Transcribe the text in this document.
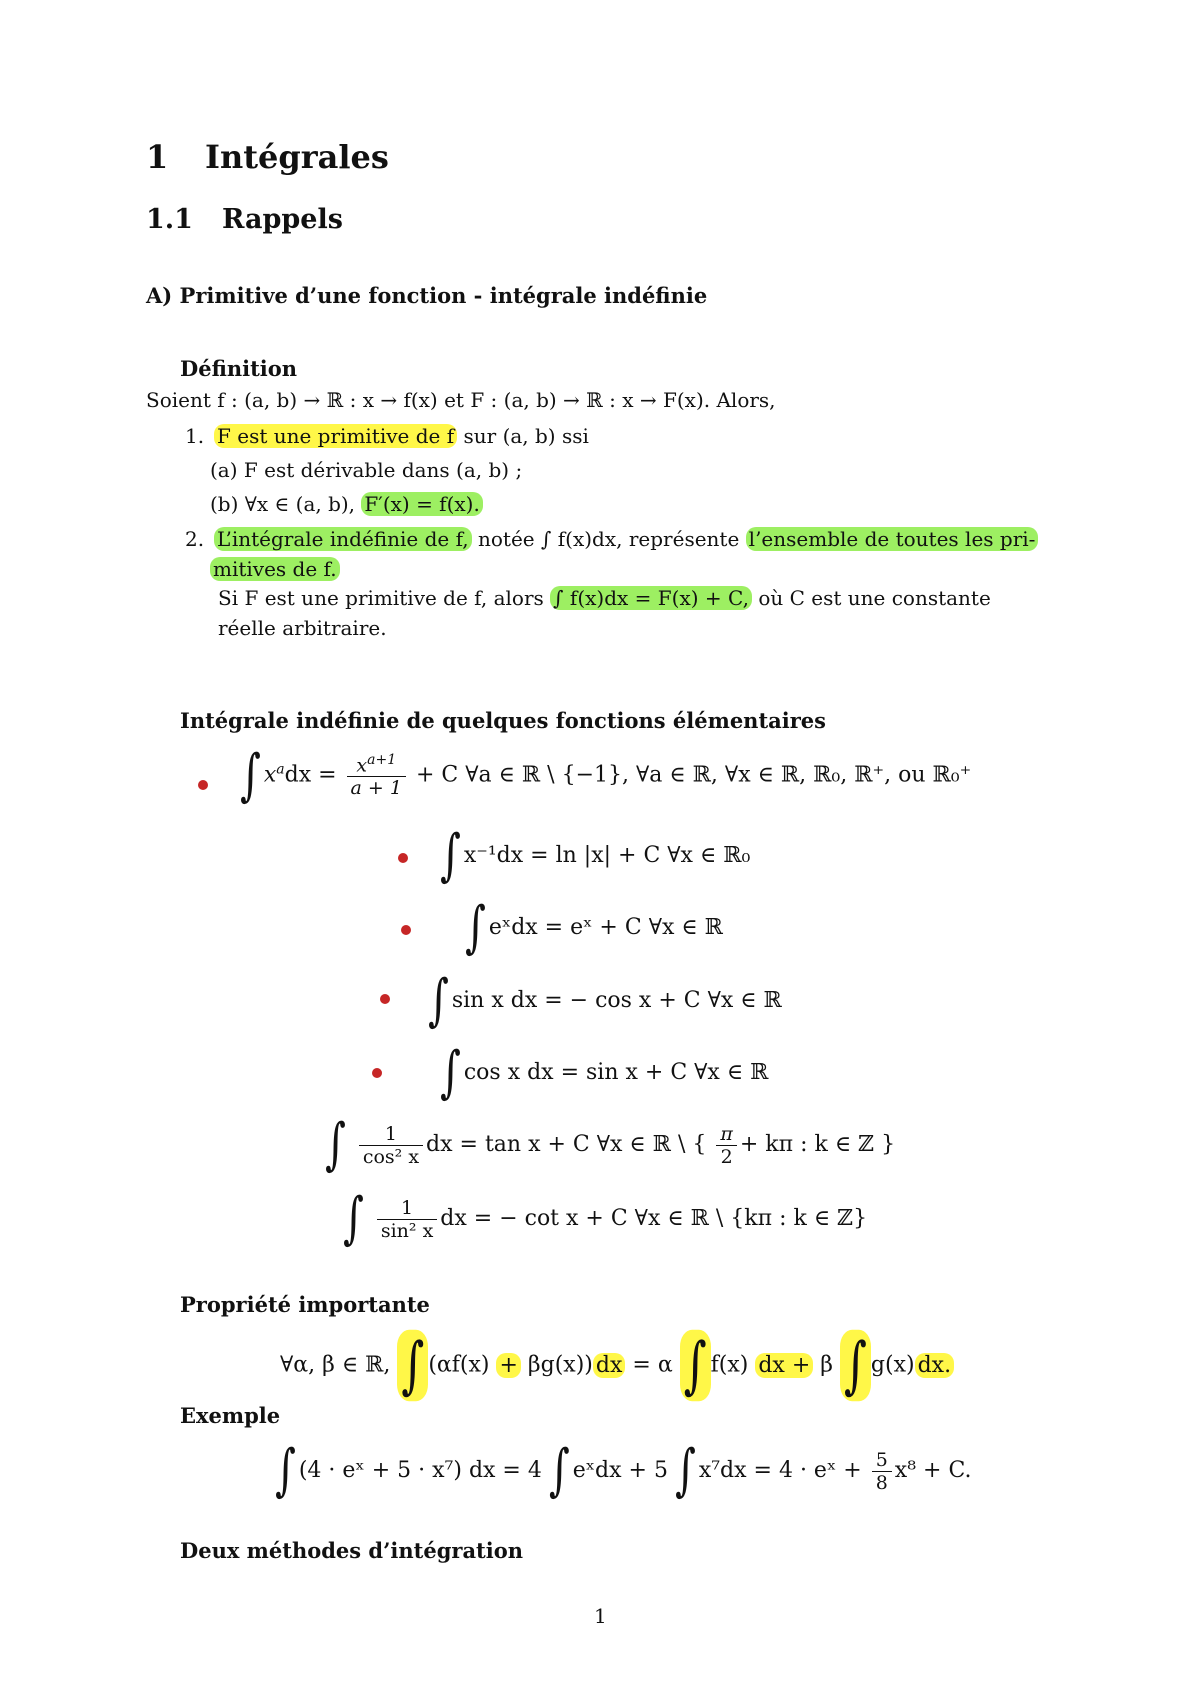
1 Intégrales
1.1 Rappels
A) Primitive d’une fonction - intégrale indéfinie
Définition
Soient f : (a, b) → ℝ : x → f(x) et F : (a, b) → ℝ : x → F(x). Alors,
1. F est une primitive de f sur (a, b) ssi
(a) F est dérivable dans (a, b) ;
(b) ∀x ∈ (a, b), F′(x) = f(x).
2. L’intégrale indéfinie de f, notée ∫ f(x)dx, représente l’ensemble de toutes les pri-
mitives de f.
Si F est une primitive de f, alors ∫ f(x)dx = F(x) + C, où C est une constante
réelle arbitraire.
Intégrale indéfinie de quelques fonctions élémentaires
∫ $x^adx = \frac{x^{a+1}}{a + 1} + C$ ∀a ∈ ℝ \ {−1}, ∀a ∈ ℝ, ∀x ∈ ℝ, ℝ₀, ℝ⁺, ou ℝ₀⁺
∫ x⁻¹dx = ln |x| + C ∀x ∈ ℝ₀
∫ eˣdx = eˣ + C ∀x ∈ ℝ
∫ sin x dx = − cos x + C ∀x ∈ ℝ
∫ cos x dx = sin x + C ∀x ∈ ℝ
∫ $\frac{1}{\text{cos² x}}$ dx = tan x + C ∀x ∈ ℝ \ { $\frac{\pi}{2} + k\pi$ : k ∈ ℤ }
∫ $\frac{1}{\text{sin² x}}$ dx = − cot x + C ∀x ∈ ℝ \ {kπ : k ∈ ℤ}
Propriété importante
∀α, β ∈ ℝ, ∫ (αf(x) + βg(x)) dx = α ∫ f(x) dx + β ∫ g(x) dx.
Exemple
∫ (4 · eˣ + 5 · x⁷) dx = 4 ∫ eˣdx + 5 ∫ x⁷dx = 4 · eˣ + $\frac{5}{8} x^8 + C$.
Deux méthodes d’intégration
1
